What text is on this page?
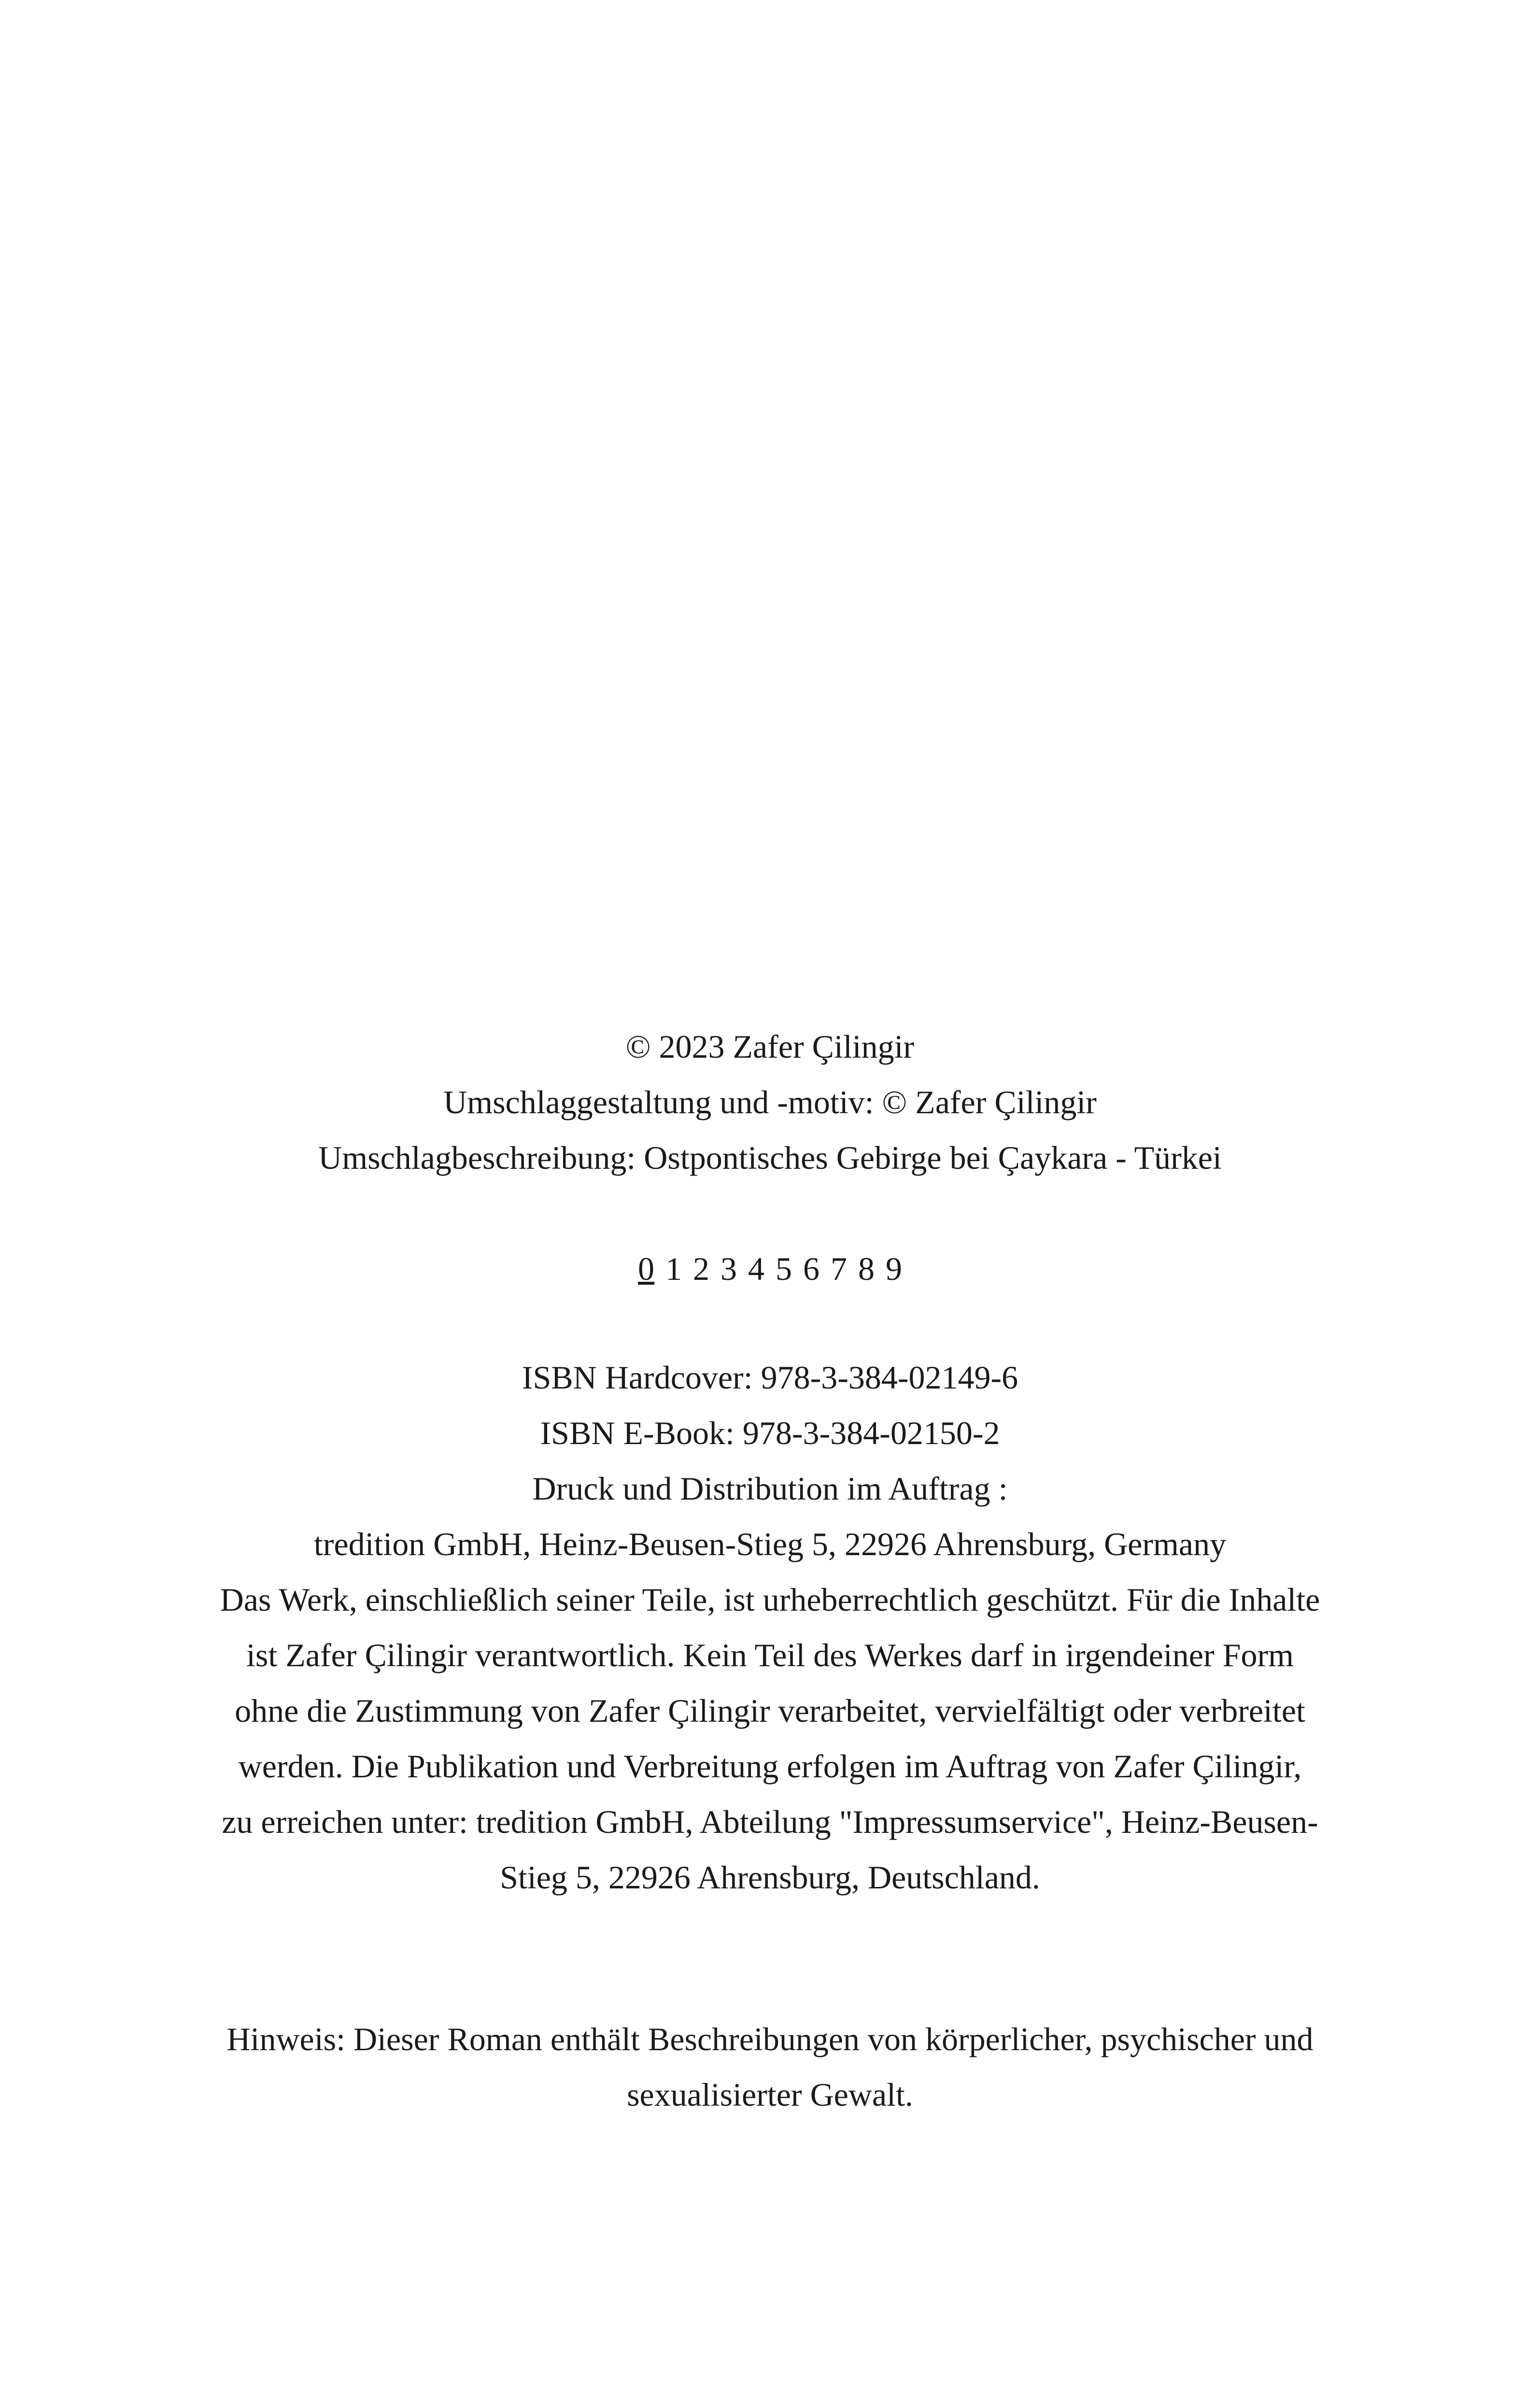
© 2023 Zafer Çilingir
Umschlaggestaltung und -motiv: © Zafer Çilingir
Umschlagbeschreibung: Ostpontisches Gebirge bei Çaykara - Türkei
0 1 2 3 4 5 6 7 8 9
ISBN Hardcover: 978-3-384-02149-6
ISBN E-Book: 978-3-384-02150-2
Druck und Distribution im Auftrag :
tredition GmbH, Heinz-Beusen-Stieg 5, 22926 Ahrensburg, Germany
Das Werk, einschließlich seiner Teile, ist urheberrechtlich geschützt. Für die Inhalte
ist Zafer Çilingir verantwortlich. Kein Teil des Werkes darf in irgendeiner Form
ohne die Zustimmung von Zafer Çilingir verarbeitet, vervielfältigt oder verbreitet
werden. Die Publikation und Verbreitung erfolgen im Auftrag von Zafer Çilingir,
zu erreichen unter: tredition GmbH, Abteilung "Impressumservice", Heinz-Beusen-
Stieg 5, 22926 Ahrensburg, Deutschland.
Hinweis: Dieser Roman enthält Beschreibungen von körperlicher, psychischer und
sexualisierter Gewalt.
